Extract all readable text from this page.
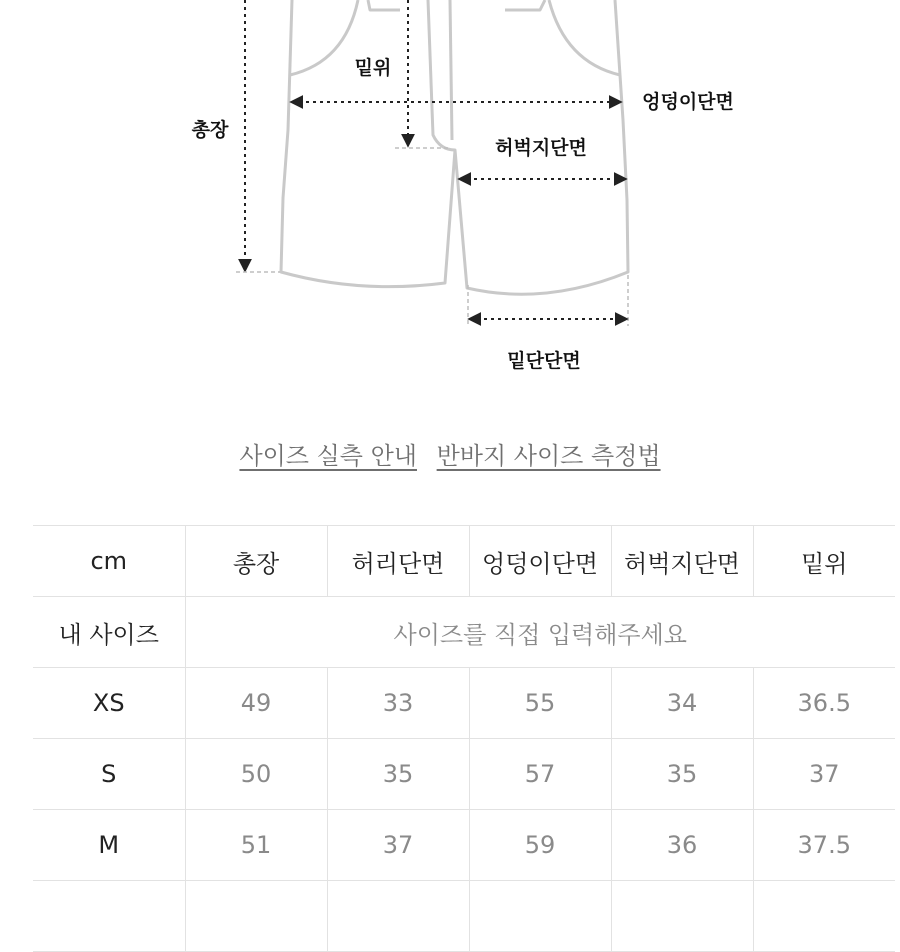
총장
밑위
엉덩이단면
허벅지단면
밑단단면
사이즈 실측 안내 반바지 사이즈 측정법
cm	총장	허리단면	엉덩이단면	허벅지단면	밑위
내 사이즈	사이즈를 직접 입력해주세요				
XS	49	33	55	34	36.5
S	50	35	57	35	37
M	51	37	59	36	37.5
